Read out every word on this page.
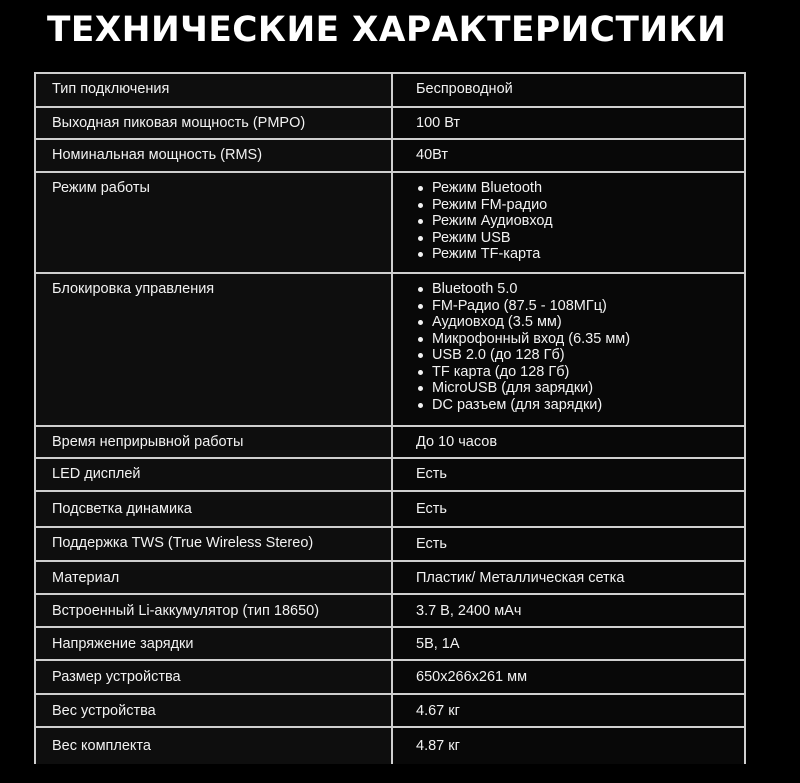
ТЕХНИЧЕСКИЕ ХАРАКТЕРИСТИКИ
Тип подключения	Беспроводной
Выходная пиковая мощность (PMPO)	100 Вт
Номинальная мощность (RMS)	40Вт
Режим работы	Режим Bluetooth
Режим FM-радио
Режим Аудиовход
Режим USB
Режим TF-карта
Блокировка управления	Bluetooth 5.0
FM-Радио (87.5 - 108МГц)
Аудиовход (3.5 мм)
Микрофонный вход (6.35 мм)
USB 2.0 (до 128 Гб)
TF карта (до 128 Гб)
MicroUSB (для зарядки)
DC разъем (для зарядки)
Время неприрывной работы	До 10 часов
LED дисплей	Есть
Подсветка динамика	Есть
Поддержка TWS (True Wireless Stereo)	Есть
Материал	Пластик/ Металлическая сетка
Встроенный Li-аккумулятор (тип 18650)	3.7 В, 2400 мАч
Напряжение зарядки	5В, 1А
Размер устройства	650x266x261 мм
Вес устройства	4.67 кг
Вес комплекта	4.87 кг
